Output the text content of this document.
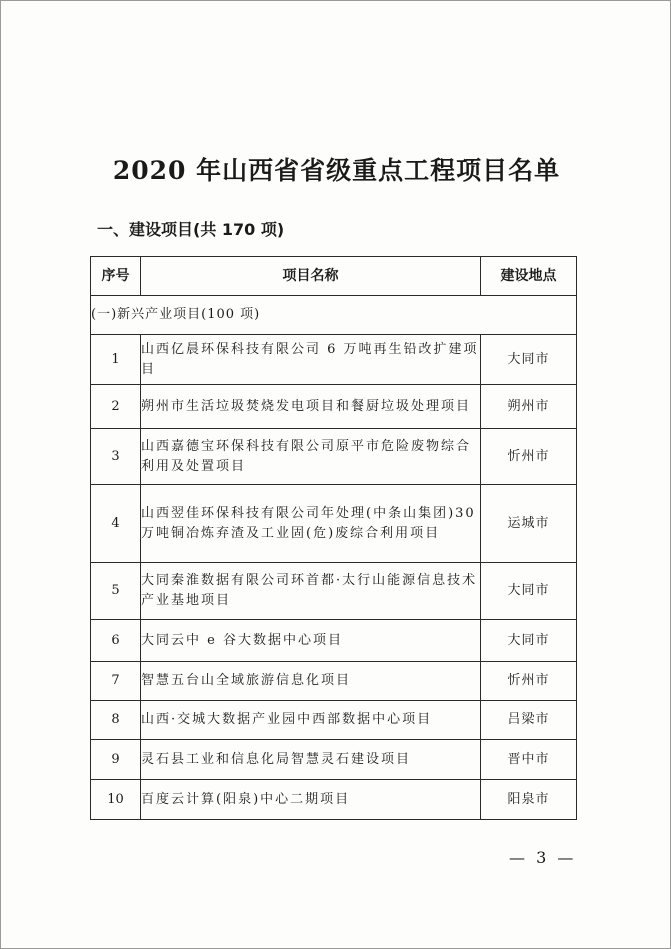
2020 年山西省省级重点工程项目名单
一、建设项目(共 170 项)
序号	项目名称	建设地点
(一)新兴产业项目(100 项)		
1	山西亿晨环保科技有限公司 6 万吨再生铅改扩建项目	大同市
2	朔州市生活垃圾焚烧发电项目和餐厨垃圾处理项目	朔州市
3	山西嘉德宝环保科技有限公司原平市危险废物综合利用及处置项目	忻州市
4	山西翌佳环保科技有限公司年处理(中条山集团)30 万吨铜冶炼弃渣及工业固(危)废综合利用项目	运城市
5	大同秦淮数据有限公司环首都·太行山能源信息技术产业基地项目	大同市
6	大同云中 e 谷大数据中心项目	大同市
7	智慧五台山全域旅游信息化项目	忻州市
8	山西·交城大数据产业园中西部数据中心项目	吕梁市
9	灵石县工业和信息化局智慧灵石建设项目	晋中市
10	百度云计算(阳泉)中心二期项目	阳泉市
— 3 —
